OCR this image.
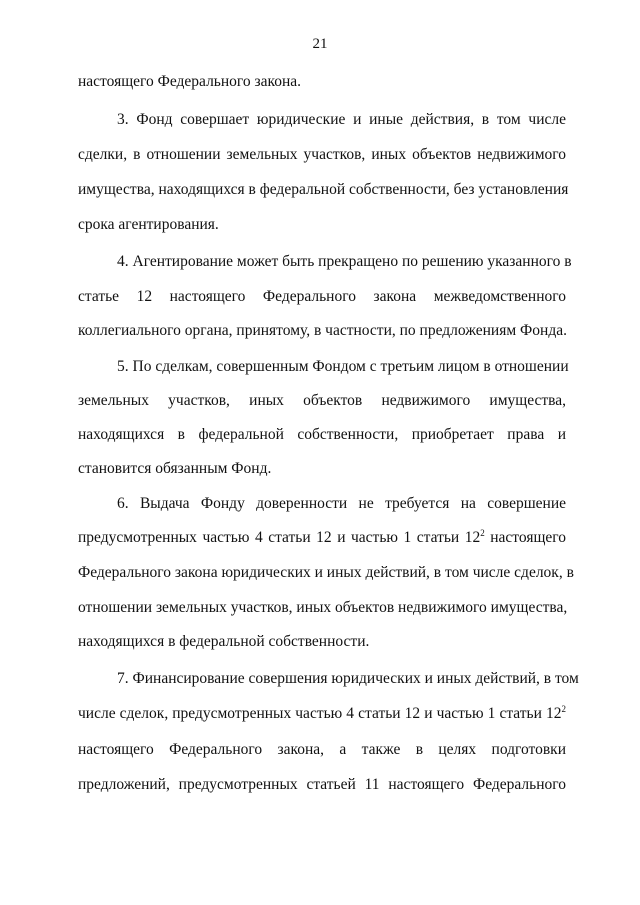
21
настоящего Федерального закона.
3. Фонд совершает юридические и иные действия, в том числе
сделки, в отношении земельных участков, иных объектов недвижимого
имущества, находящихся в федеральной собственности, без установления
срока агентирования.
4. Агентирование может быть прекращено по решению указанного в
статье 12 настоящего Федерального закона межведомственного
коллегиального органа, принятому, в частности, по предложениям Фонда.
5. По сделкам, совершенным Фондом с третьим лицом в отношении
земельных участков, иных объектов недвижимого имущества,
находящихся в федеральной собственности, приобретает права и
становится обязанным Фонд.
6. Выдача Фонду доверенности не требуется на совершение
предусмотренных частью 4 статьи 12 и частью 1 статьи $12^2$ настоящего
Федерального закона юридических и иных действий, в том числе сделок, в
отношении земельных участков, иных объектов недвижимого имущества,
находящихся в федеральной собственности.
7. Финансирование совершения юридических и иных действий, в том
числе сделок, предусмотренных частью 4 статьи 12 и частью 1 статьи $12^2$
настоящего Федерального закона, а также в целях подготовки
предложений, предусмотренных статьей 11 настоящего Федерального
